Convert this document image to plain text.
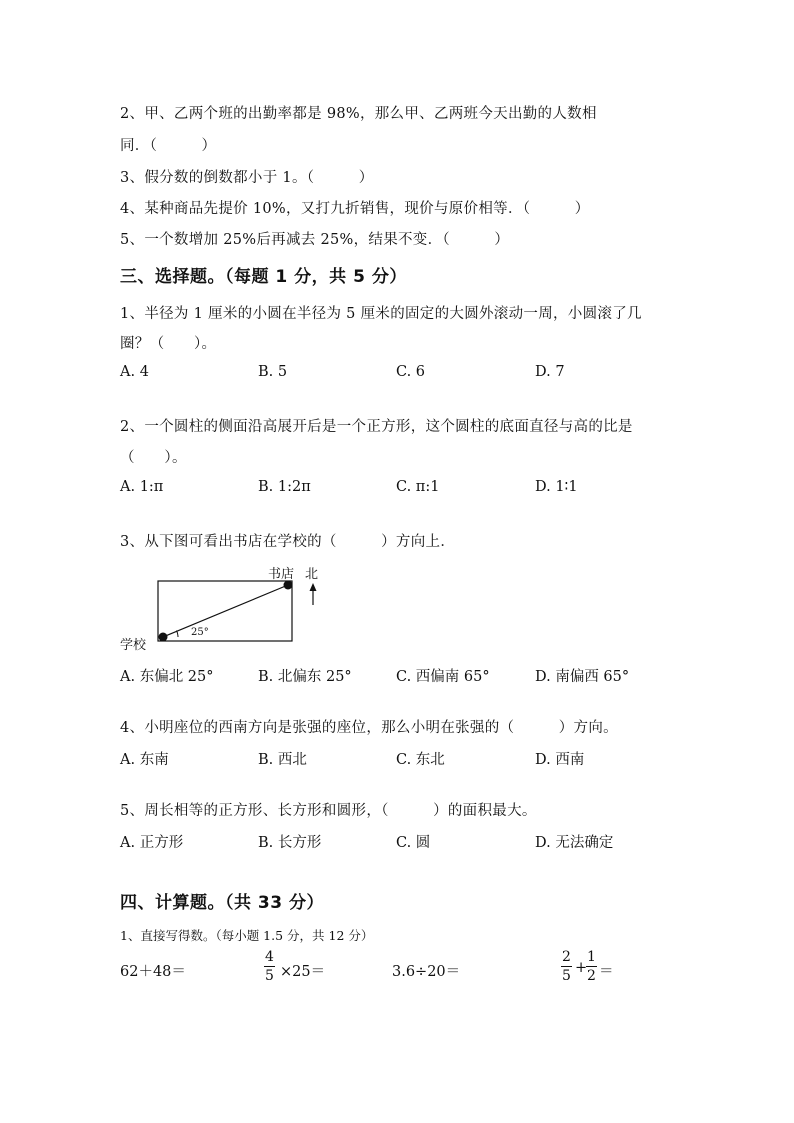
2、甲、乙两个班的出勤率都是 98%，那么甲、乙两班今天出勤的人数相
同．（　　　）
3、假分数的倒数都小于 1。（　　　）
4、某种商品先提价 10%，又打九折销售，现价与原价相等．（　　　）
5、一个数增加 25%后再减去 25%，结果不变．（　　　）
三、选择题。（每题 1 分，共 5 分）
1、半径为 1 厘米的小圆在半径为 5 厘米的固定的大圆外滚动一周，小圆滚了几
圈？（　　）。
A. 4	B. 5	C. 6	D. 7
2、一个圆柱的侧面沿高展开后是一个正方形，这个圆柱的底面直径与高的比是
（　　）。
A. 1:π	B. 1:2π	C. π:1	D. 1∶1
3、从下图可看出书店在学校的（　　　）方向上．
书店 北
学校
25°
A. 东偏北 25°	B. 北偏东 25°	C. 西偏南 65°	D. 南偏西 65°
4、小明座位的西南方向是张强的座位，那么小明在张强的（　　　）方向。
A. 东南	B. 西北	C. 东北	D. 西南
5、周长相等的正方形、长方形和圆形，（　　　）的面积最大。
A. 正方形	B. 长方形	C. 圆	D. 无法确定
四、计算题。（共 33 分）
1、直接写得数。（每小题 1.5 分，共 12 分）
62＋48＝	$\frac{4}{5} \times 25=$	3.6÷20＝	$\frac{2}{5}$ +
$\frac{1}{2}$ ＝
